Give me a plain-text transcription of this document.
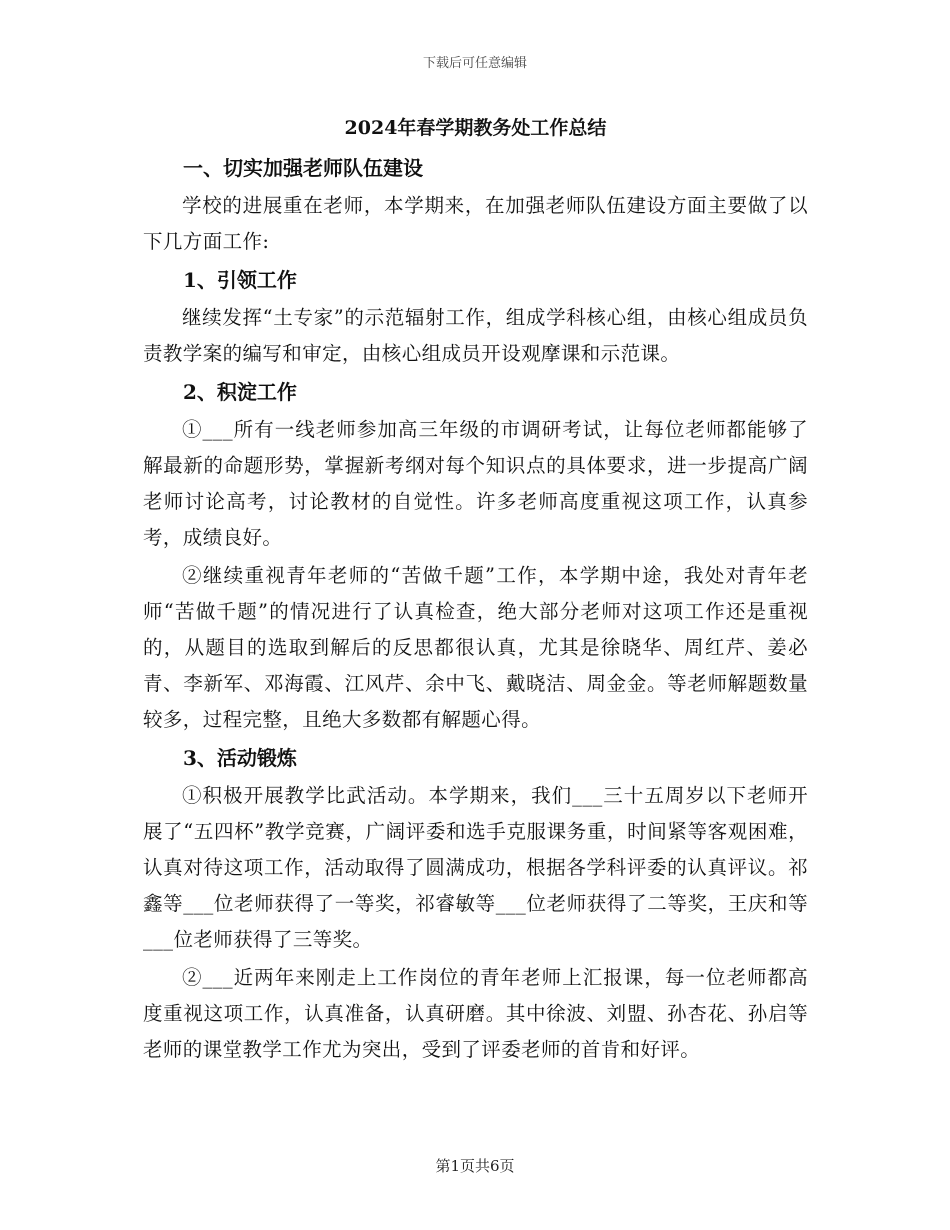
下载后可任意编辑
2024年春学期教务处工作总结
一、切实加强老师队伍建设

学校的进展重在老师，本学期来，在加强老师队伍建设方面主要做了以下几方面工作:

1、引领工作

继续发挥“土专家”的示范辐射工作，组成学科核心组，由核心组成员负责教学案的编写和审定，由核心组成员开设观摩课和示范课。

2、积淀工作

①___所有一线老师参加高三年级的市调研考试，让每位老师都能够了解最新的命题形势，掌握新考纲对每个知识点的具体要求，进一步提高广阔老师讨论高考，讨论教材的自觉性。许多老师高度重视这项工作，认真参考，成绩良好。

②继续重视青年老师的“苦做千题”工作，本学期中途，我处对青年老师“苦做千题”的情况进行了认真检查，绝大部分老师对这项工作还是重视的，从题目的选取到解后的反思都很认真，尤其是徐晓华、周红芹、姜必青、李新军、邓海霞、江风芹、余中飞、戴晓洁、周金金。等老师解题数量较多，过程完整，且绝大多数都有解题心得。

3、活动锻炼

①积极开展教学比武活动。本学期来，我们___三十五周岁以下老师开展了“五四杯”教学竞赛，广阔评委和选手克服课务重，时间紧等客观困难，认真对待这项工作，活动取得了圆满成功，根据各学科评委的认真评议。祁鑫等___位老师获得了一等奖，祁睿敏等___位老师获得了二等奖，王庆和等___位老师获得了三等奖。

②___近两年来刚走上工作岗位的青年老师上汇报课，每一位老师都高度重视这项工作，认真准备，认真研磨。其中徐波、刘盟、孙杏花、孙启等老师的课堂教学工作尤为突出，受到了评委老师的首肯和好评。

第1页共6页
